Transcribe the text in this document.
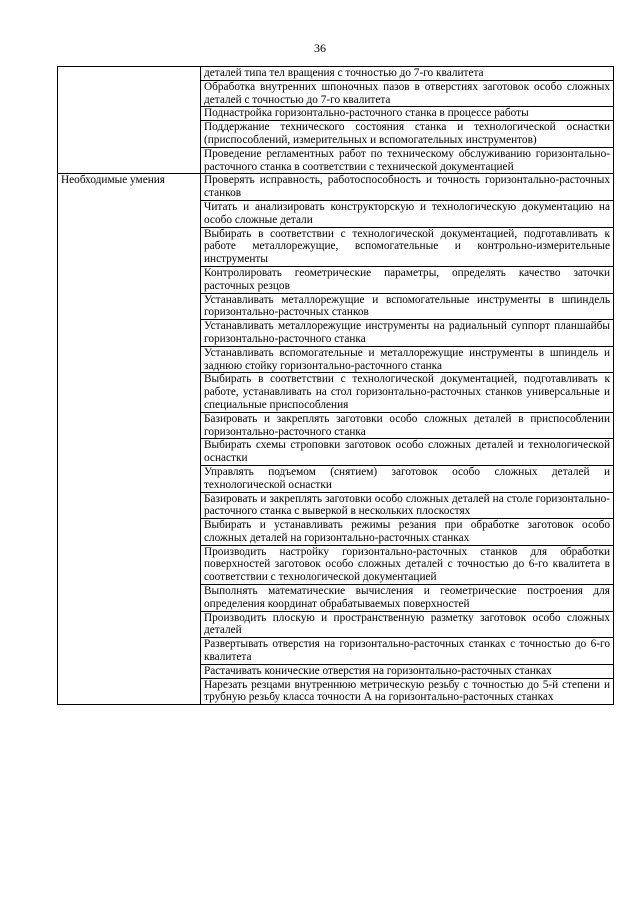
36
	деталей типа тел вращения с точностью до 7-го квалитета
	Обработка внутренних шпоночных пазов в отверстиях заготовок особо сложных деталей с точностью до 7-го квалитета
	Поднастройка горизонтально-расточного станка в процессе работы
	Поддержание технического состояния станка и технологической оснастки (приспособлений, измерительных и вспомогательных инструментов)
	Проведение регламентных работ по техническому обслуживанию горизонтально-расточного станка в соответствии с технической документацией
Необходимые умения	Проверять исправность, работоспособность и точность горизонтально-расточных станков
	Читать и анализировать конструкторскую и технологическую документацию на особо сложные детали
	Выбирать в соответствии с технологической документацией, подготавливать к работе металлорежущие, вспомогательные и контрольно-измерительные инструменты
	Контролировать геометрические параметры, определять качество заточки расточных резцов
	Устанавливать металлорежущие и вспомогательные инструменты в шпиндель горизонтально-расточных станков
	Устанавливать металлорежущие инструменты на радиальный суппорт планшайбы горизонтально-расточного станка
	Устанавливать вспомогательные и металлорежущие инструменты в шпиндель и заднюю стойку горизонтально-расточного станка
	Выбирать в соответствии с технологической документацией, подготавливать к работе, устанавливать на стол горизонтально-расточных станков универсальные и специальные приспособления
	Базировать и закреплять заготовки особо сложных деталей в приспособлении горизонтально-расточного станка
	Выбирать схемы строповки заготовок особо сложных деталей и технологической оснастки
	Управлять подъемом (снятием) заготовок особо сложных деталей и технологической оснастки
	Базировать и закреплять заготовки особо сложных деталей на столе горизонтально-расточного станка с выверкой в нескольких плоскостях
	Выбирать и устанавливать режимы резания при обработке заготовок особо сложных деталей на горизонтально-расточных станках
	Производить настройку горизонтально-расточных станков для обработки поверхностей заготовок особо сложных деталей с точностью до 6-го квалитета в соответствии с технологической документацией
	Выполнять математические вычисления и геометрические построения для определения координат обрабатываемых поверхностей
	Производить плоскую и пространственную разметку заготовок особо сложных деталей
	Развертывать отверстия на горизонтально-расточных станках с точностью до 6-го квалитета
	Растачивать конические отверстия на горизонтально-расточных станках
	Нарезать резцами внутреннюю метрическую резьбу с точностью до 5-й степени и трубную резьбу класса точности А на горизонтально-расточных станках
